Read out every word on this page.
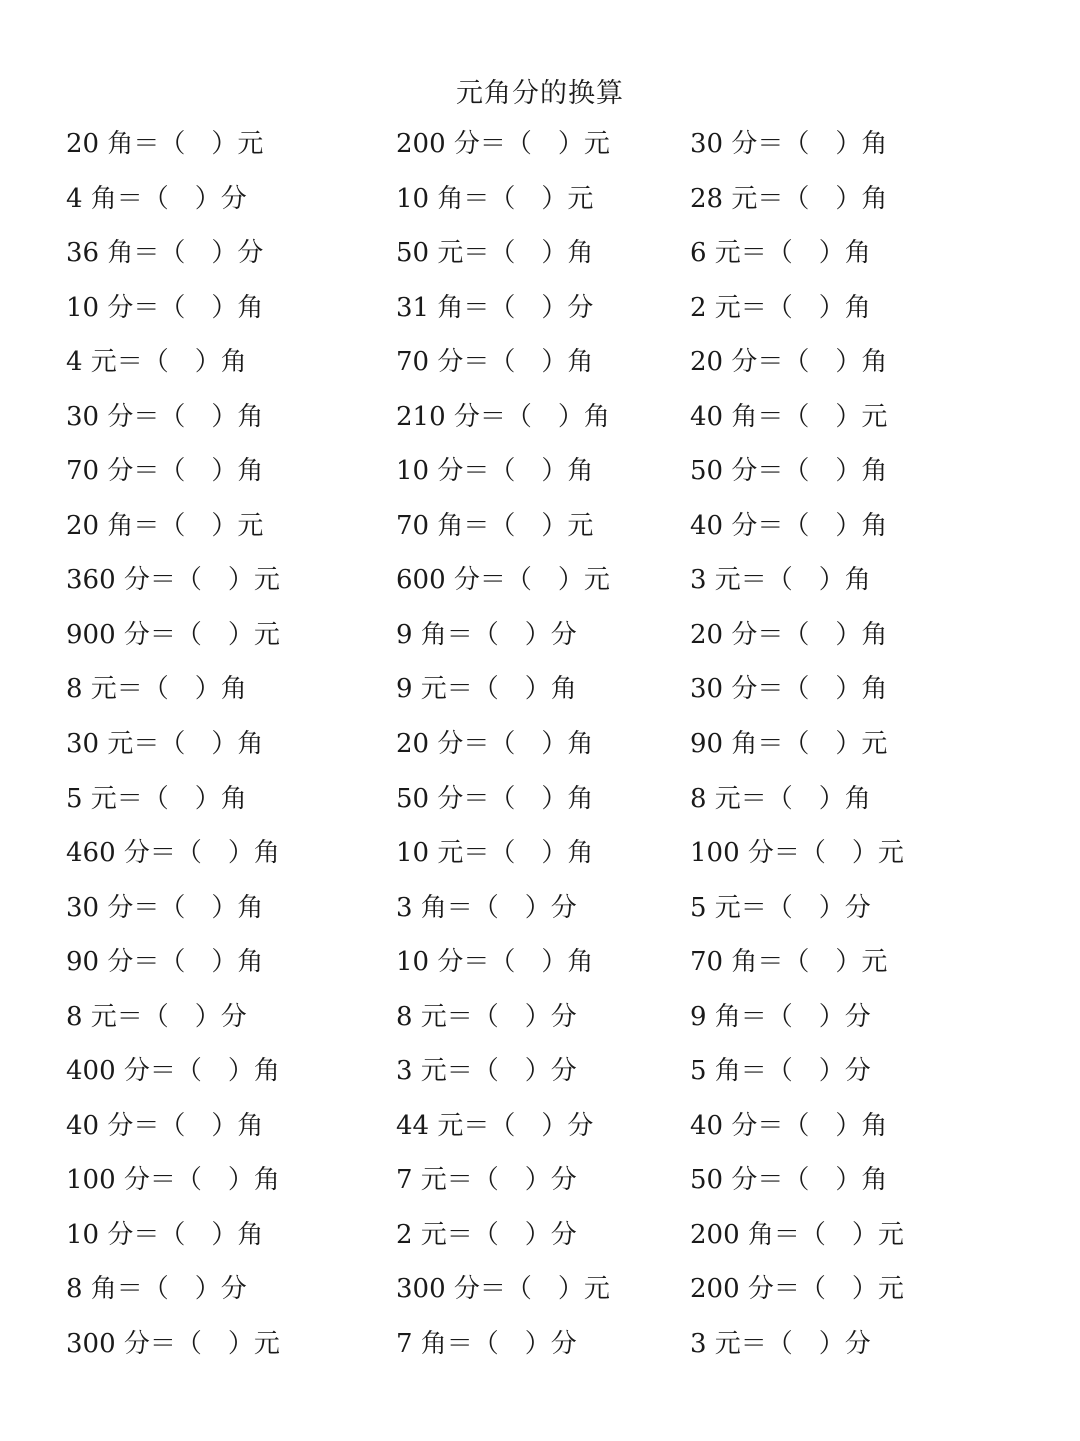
元角分的换算
20 角＝（　）元
4 角＝（　）分
36 角＝（　）分
10 分＝（　）角
4 元＝（　）角
30 分＝（　）角
70 分＝（　）角
20 角＝（　）元
360 分＝（　）元
900 分＝（　）元
8 元＝（　）角
30 元＝（　）角
5 元＝（　）角
460 分＝（　）角
30 分＝（　）角
90 分＝（　）角
8 元＝（　）分
400 分＝（　）角
40 分＝（　）角
100 分＝（　）角
10 分＝（　）角
8 角＝（　）分
300 分＝（　）元
200 分＝（　）元
10 角＝（　）元
50 元＝（　）角
31 角＝（　）分
70 分＝（　）角
210 分＝（　）角
10 分＝（　）角
70 角＝（　）元
600 分＝（　）元
9 角＝（　）分
9 元＝（　）角
20 分＝（　）角
50 分＝（　）角
10 元＝（　）角
3 角＝（　）分
10 分＝（　）角
8 元＝（　）分
3 元＝（　）分
44 元＝（　）分
7 元＝（　）分
2 元＝（　）分
300 分＝（　）元
7 角＝（　）分
30 分＝（　）角
28 元＝（　）角
6 元＝（　）角
2 元＝（　）角
20 分＝（　）角
40 角＝（　）元
50 分＝（　）角
40 分＝（　）角
3 元＝（　）角
20 分＝（　）角
30 分＝（　）角
90 角＝（　）元
8 元＝（　）角
100 分＝（　）元
5 元＝（　）分
70 角＝（　）元
9 角＝（　）分
5 角＝（　）分
40 分＝（　）角
50 分＝（　）角
200 角＝（　）元
200 分＝（　）元
3 元＝（　）分
